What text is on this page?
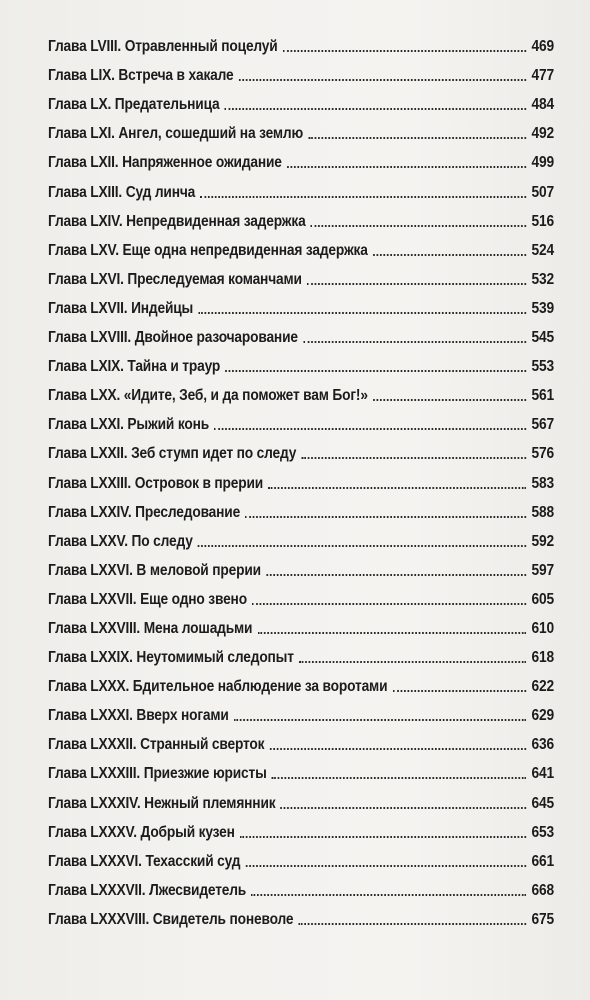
Глава LVIII. Отравленный поцелуй	469
Глава LIX. Встреча в хакале	477
Глава LX. Предательница	484
Глава LXI. Ангел, сошедший на землю	492
Глава LXII. Напряженное ожидание	499
Глава LXIII. Суд линча	507
Глава LXIV. Непредвиденная задержка	516
Глава LXV. Еще одна непредвиденная задержка	524
Глава LXVI. Преследуемая команчами	532
Глава LXVII. Индейцы	539
Глава LXVIII. Двойное разочарование	545
Глава LXIX. Тайна и траур	553
Глава LXX. «Идите, Зеб, и да поможет вам Бог!»	561
Глава LXXI. Рыжий конь	567
Глава LXXII. Зеб стумп идет по следу	576
Глава LXXIII. Островок в прерии	583
Глава LXXIV. Преследование	588
Глава LXXV. По следу	592
Глава LXXVI. В меловой прерии	597
Глава LXXVII. Еще одно звено	605
Глава LXXVIII. Мена лошадьми	610
Глава LXXIX. Неутомимый следопыт	618
Глава LXXX. Бдительное наблюдение за воротами	622
Глава LXXXI. Вверх ногами	629
Глава LXXXII. Странный сверток	636
Глава LXXXIII. Приезжие юристы	641
Глава LXXXIV. Нежный племянник	645
Глава LXXXV. Добрый кузен	653
Глава LXXXVI. Техасский суд	661
Глава LXXXVII. Лжесвидетель	668
Глава LXXXVIII. Свидетель поневоле	675
